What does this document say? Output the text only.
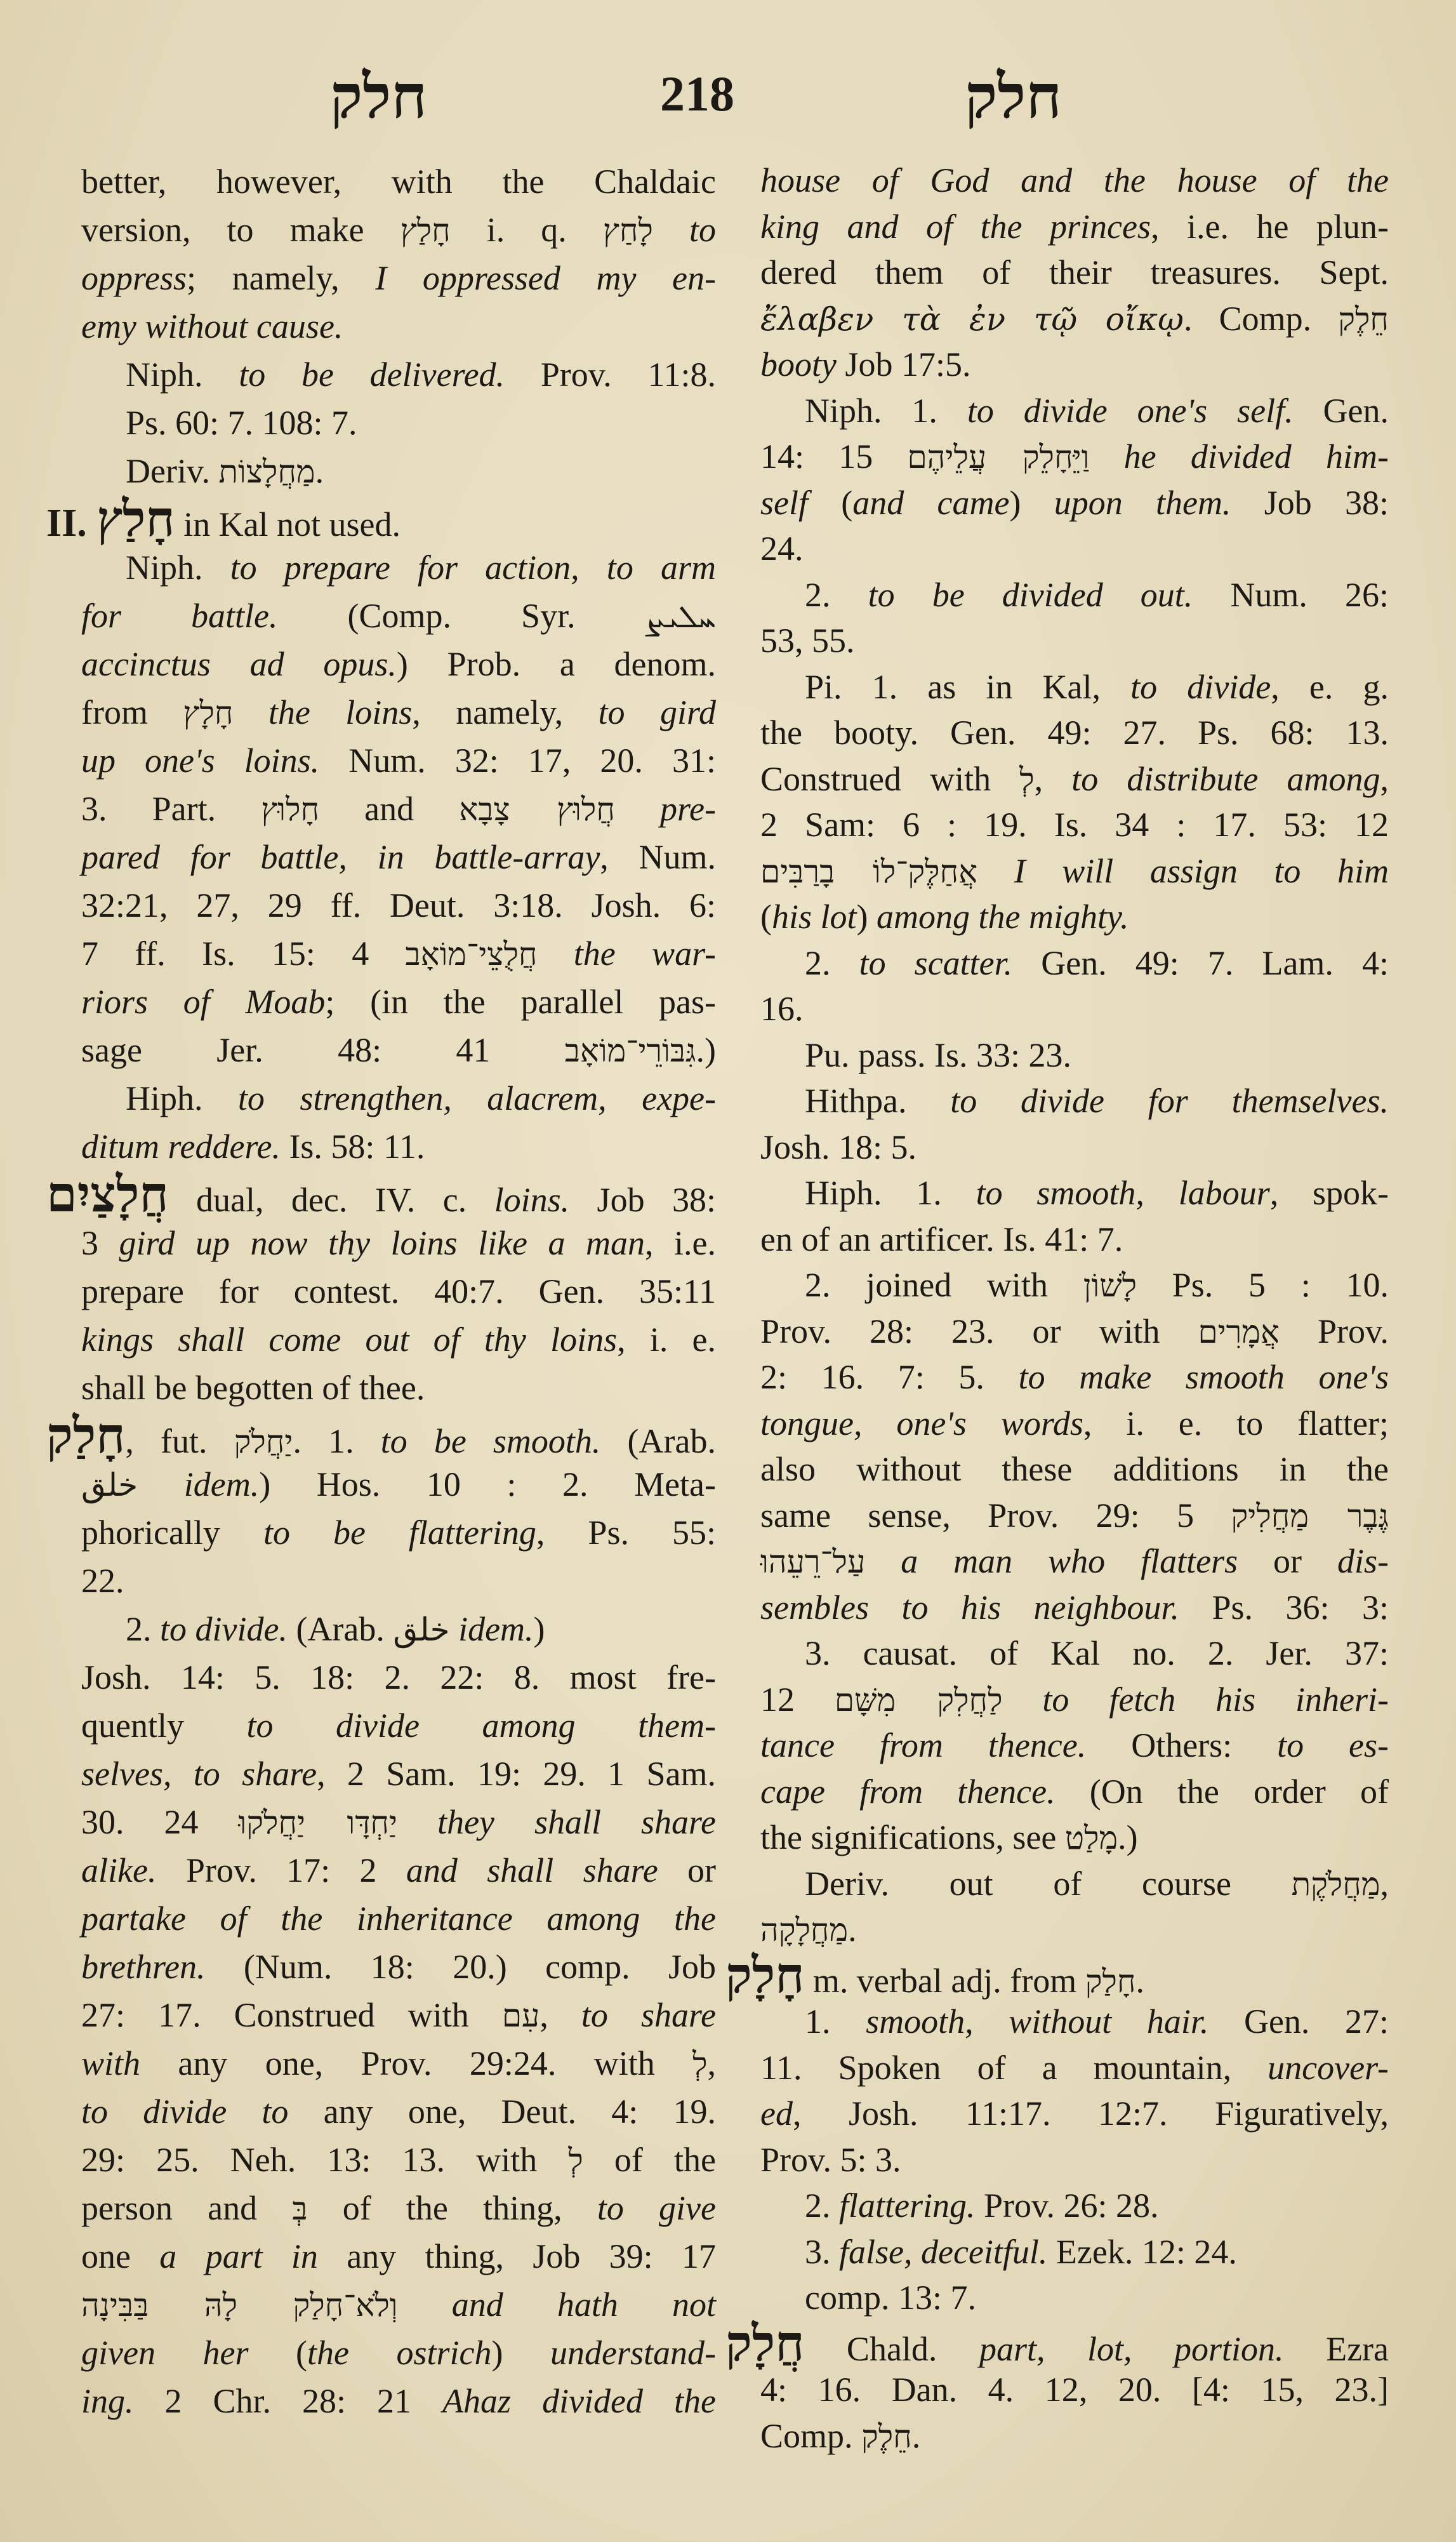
חלק	218	חלק
better, however, with the Chaldaic
version, to make חָלַץ i. q. לָחַץ to
oppress; namely, I oppressed my en-
emy without cause.
Niph. to be delivered. Prov. 11:8.
Ps. 60: 7. 108: 7.
Deriv. מַחֲלָצוֹת.
II. חָלַץ in Kal not used.
Niph. to prepare for action, to arm
for battle. (Comp. Syr. ܚܠܝܨ
accinctus ad opus.) Prob. a denom.
from חָלָץ the loins, namely, to gird
up one's loins. Num. 32: 17, 20. 31:
3. Part. חָלוּץ and חֲלוּץ צָבָא pre-
pared for battle, in battle-array, Num.
32:21, 27, 29 ff. Deut. 3:18. Josh. 6:
7 ff. Is. 15: 4 חֲלֻצֵי־מוֹאָב the war-
riors of Moab; (in the parallel pas-
sage Jer. 48: 41 גִּבּוֹרֵי־מוֹאָב.)
Hiph. to strengthen, alacrem, expe-
ditum reddere. Is. 58: 11.
חֲלָצַיִם dual, dec. IV. c. loins. Job 38:
3 gird up now thy loins like a man, i.e.
prepare for contest. 40:7. Gen. 35:11
kings shall come out of thy loins, i. e.
shall be begotten of thee.
חָלַק, fut. יַחֲלֹק. 1. to be smooth. (Arab.
خلق idem.) Hos. 10 : 2. Meta-
phorically to be flattering, Ps. 55:
22.
2. to divide. (Arab. خلق idem.)
Josh. 14: 5. 18: 2. 22: 8. most fre-
quently to divide among them-
selves, to share, 2 Sam. 19: 29. 1 Sam.
30. 24 יַחְדָּו יַחֲלֹקוּ they shall share
alike. Prov. 17: 2 and shall share or
partake of the inheritance among the
brethren. (Num. 18: 20.) comp. Job
27: 17. Construed with עִם, to share
with any one, Prov. 29:24. with לְ,
to divide to any one, Deut. 4: 19.
29: 25. Neh. 13: 13. with לְ of the
person and בְּ of the thing, to give
one a part in any thing, Job 39: 17
וְלֹא־חָלַק לָהּ בַּבִּינָה and hath not
given her (the ostrich) understand-
ing. 2 Chr. 28: 21 Ahaz divided the
house of God and the house of the
king and of the princes, i.e. he plun-
dered them of their treasures. Sept.
ἔλαβεν τὰ ἐν τῷ οἴκῳ. Comp. חֵלֶק
booty Job 17:5.
Niph. 1. to divide one's self. Gen.
14: 15 וַיֵּחָלֵק עֲלֵיהֶם he divided him-
self (and came) upon them. Job 38:
24.
2. to be divided out. Num. 26:
53, 55.
Pi. 1. as in Kal, to divide, e. g.
the booty. Gen. 49: 27. Ps. 68: 13.
Construed with לְ, to distribute among,
2 Sam: 6 : 19. Is. 34 : 17. 53: 12
אֲחַלֶּק־לוֹ בָרַבִּים I will assign to him
(his lot) among the mighty.
2. to scatter. Gen. 49: 7. Lam. 4:
16.
Pu. pass. Is. 33: 23.
Hithpa. to divide for themselves.
Josh. 18: 5.
Hiph. 1. to smooth, labour, spok-
en of an artificer. Is. 41: 7.
2. joined with לָשׁוֹן Ps. 5 : 10.
Prov. 28: 23. or with אֲמָרִים Prov.
2: 16. 7: 5. to make smooth one's
tongue, one's words, i. e. to flatter;
also without these additions in the
same sense, Prov. 29: 5 גֶּבֶר מַחֲלִיק
עַל־רֵעֵהוּ a man who flatters or dis-
sembles to his neighbour. Ps. 36: 3:
3. causat. of Kal no. 2. Jer. 37:
12 לַחֲלִק מִשָּׁם to fetch his inheri-
tance from thence. Others: to es-
cape from thence. (On the order of
the significations, see מָלַט.)
Deriv. out of course מַחֲלֹקֶת,
מַחֲלָקָה.
חָלָק m. verbal adj. from חָלַק.
1. smooth, without hair. Gen. 27:
11. Spoken of a mountain, uncover-
ed, Josh. 11:17. 12:7. Figuratively,
Prov. 5: 3.
2. flattering. Prov. 26: 28.
3. false, deceitful. Ezek. 12: 24.
comp. 13: 7.
חֲלָק Chald. part, lot, portion. Ezra
4: 16. Dan. 4. 12, 20. [4: 15, 23.]
Comp. חֵלֶק.
